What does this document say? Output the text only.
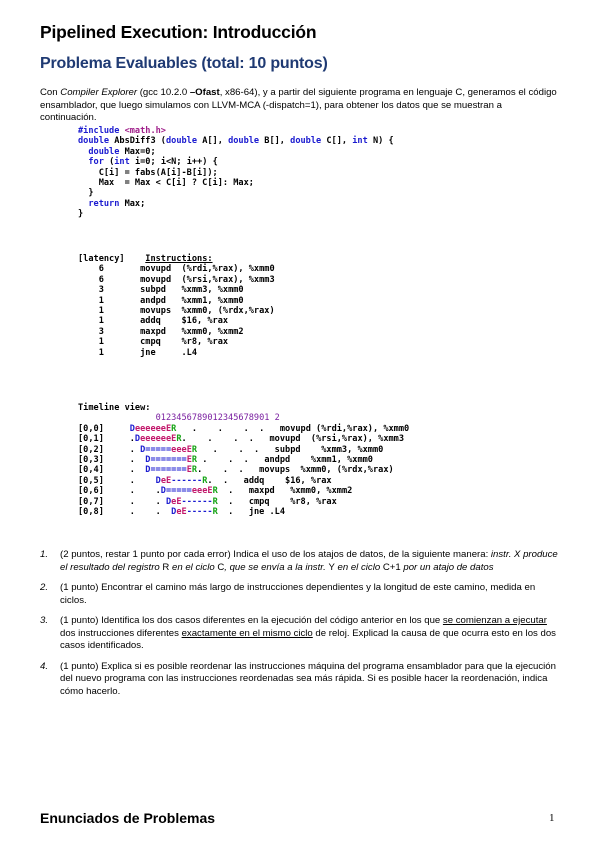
Pipelined Execution: Introducción
Problema Evaluables (total: 10 puntos)
Con Compiler Explorer (gcc 10.2.0 –Ofast, x86-64), y a partir del siguiente programa en lenguaje C, generamos el código ensamblador, que luego simulamos con LLVM-MCA (-dispatch=1), para obtener los datos que se muestran a continuación.
#include <math.h>
double AbsDiff3 (double A[], double B[], double C[], int N) {
double Max=0;
for (int i=0; i<N; i++) {
C[i] = fabs(A[i]-B[i]);
Max  = Max < C[i] ? C[i]: Max;
}
return Max;
}
[latency] Instructions:
6       movupd  (%rdi,%rax), %xmm0
6       movupd  (%rsi,%rax), %xmm3
3       subpd   %xmm3, %xmm0
1       andpd   %xmm1, %xmm0
1       movups  %xmm0, (%rdx,%rax)
1       addq    $16, %rax
3       maxpd   %xmm0, %xmm2
1       cmpq    %r8, %rax
1       jne     .L4
Timeline view:
0123456789012345678901 2
[0,0]	DeeeeeeER   .    .    .  .   movupd (%rdi,%rax), %xmm0
[0,1]     .DeeeeeeER.    .    .  .   movupd  (%rsi,%rax), %xmm3
[0,2]     . D=====eeeER   .    .  .   subpd    %xmm3, %xmm0
[0,3]     .  D=======ER .    .  .   andpd    %xmm1, %xmm0
[0,4]     .  D=======ER.    .  .   movups  %xmm0, (%rdx,%rax)
[0,5]     .    DeE------R.  .   addq    $16, %rax
[0,6]     .    .D=====eeeER  .   maxpd   %xmm0, %xmm2
[0,7]     .    . DeE------R  .   cmpq    %r8, %rax
[0,8]     .    .  DeE-----R  .   jne .L4
1. (2 puntos, restar 1 punto por cada error) Indica el uso de los atajos de datos, de la siguiente manera: instr. X produce el resultado del registro R en el ciclo C, que se envía a la instr. Y en el ciclo C+1 por un atajo de datos
2. (1 punto) Encontrar el camino más largo de instrucciones dependientes y la longitud de este camino, medida en ciclos.
3. (1 punto) Identifica los dos casos diferentes en la ejecución del código anterior en los que se comienzan a ejecutar dos instrucciones diferentes exactamente en el mismo ciclo de reloj. Explicad la causa de que ocurra esto en los dos casos identificados.
4. (1 punto) Explica si es posible reordenar las instrucciones máquina del programa ensamblador para que la ejecución del nuevo programa con las instrucciones reordenadas sea más rápida. Si es posible hacer la reordenación, indica cómo hacerlo.
Enunciados de Problemas	1
